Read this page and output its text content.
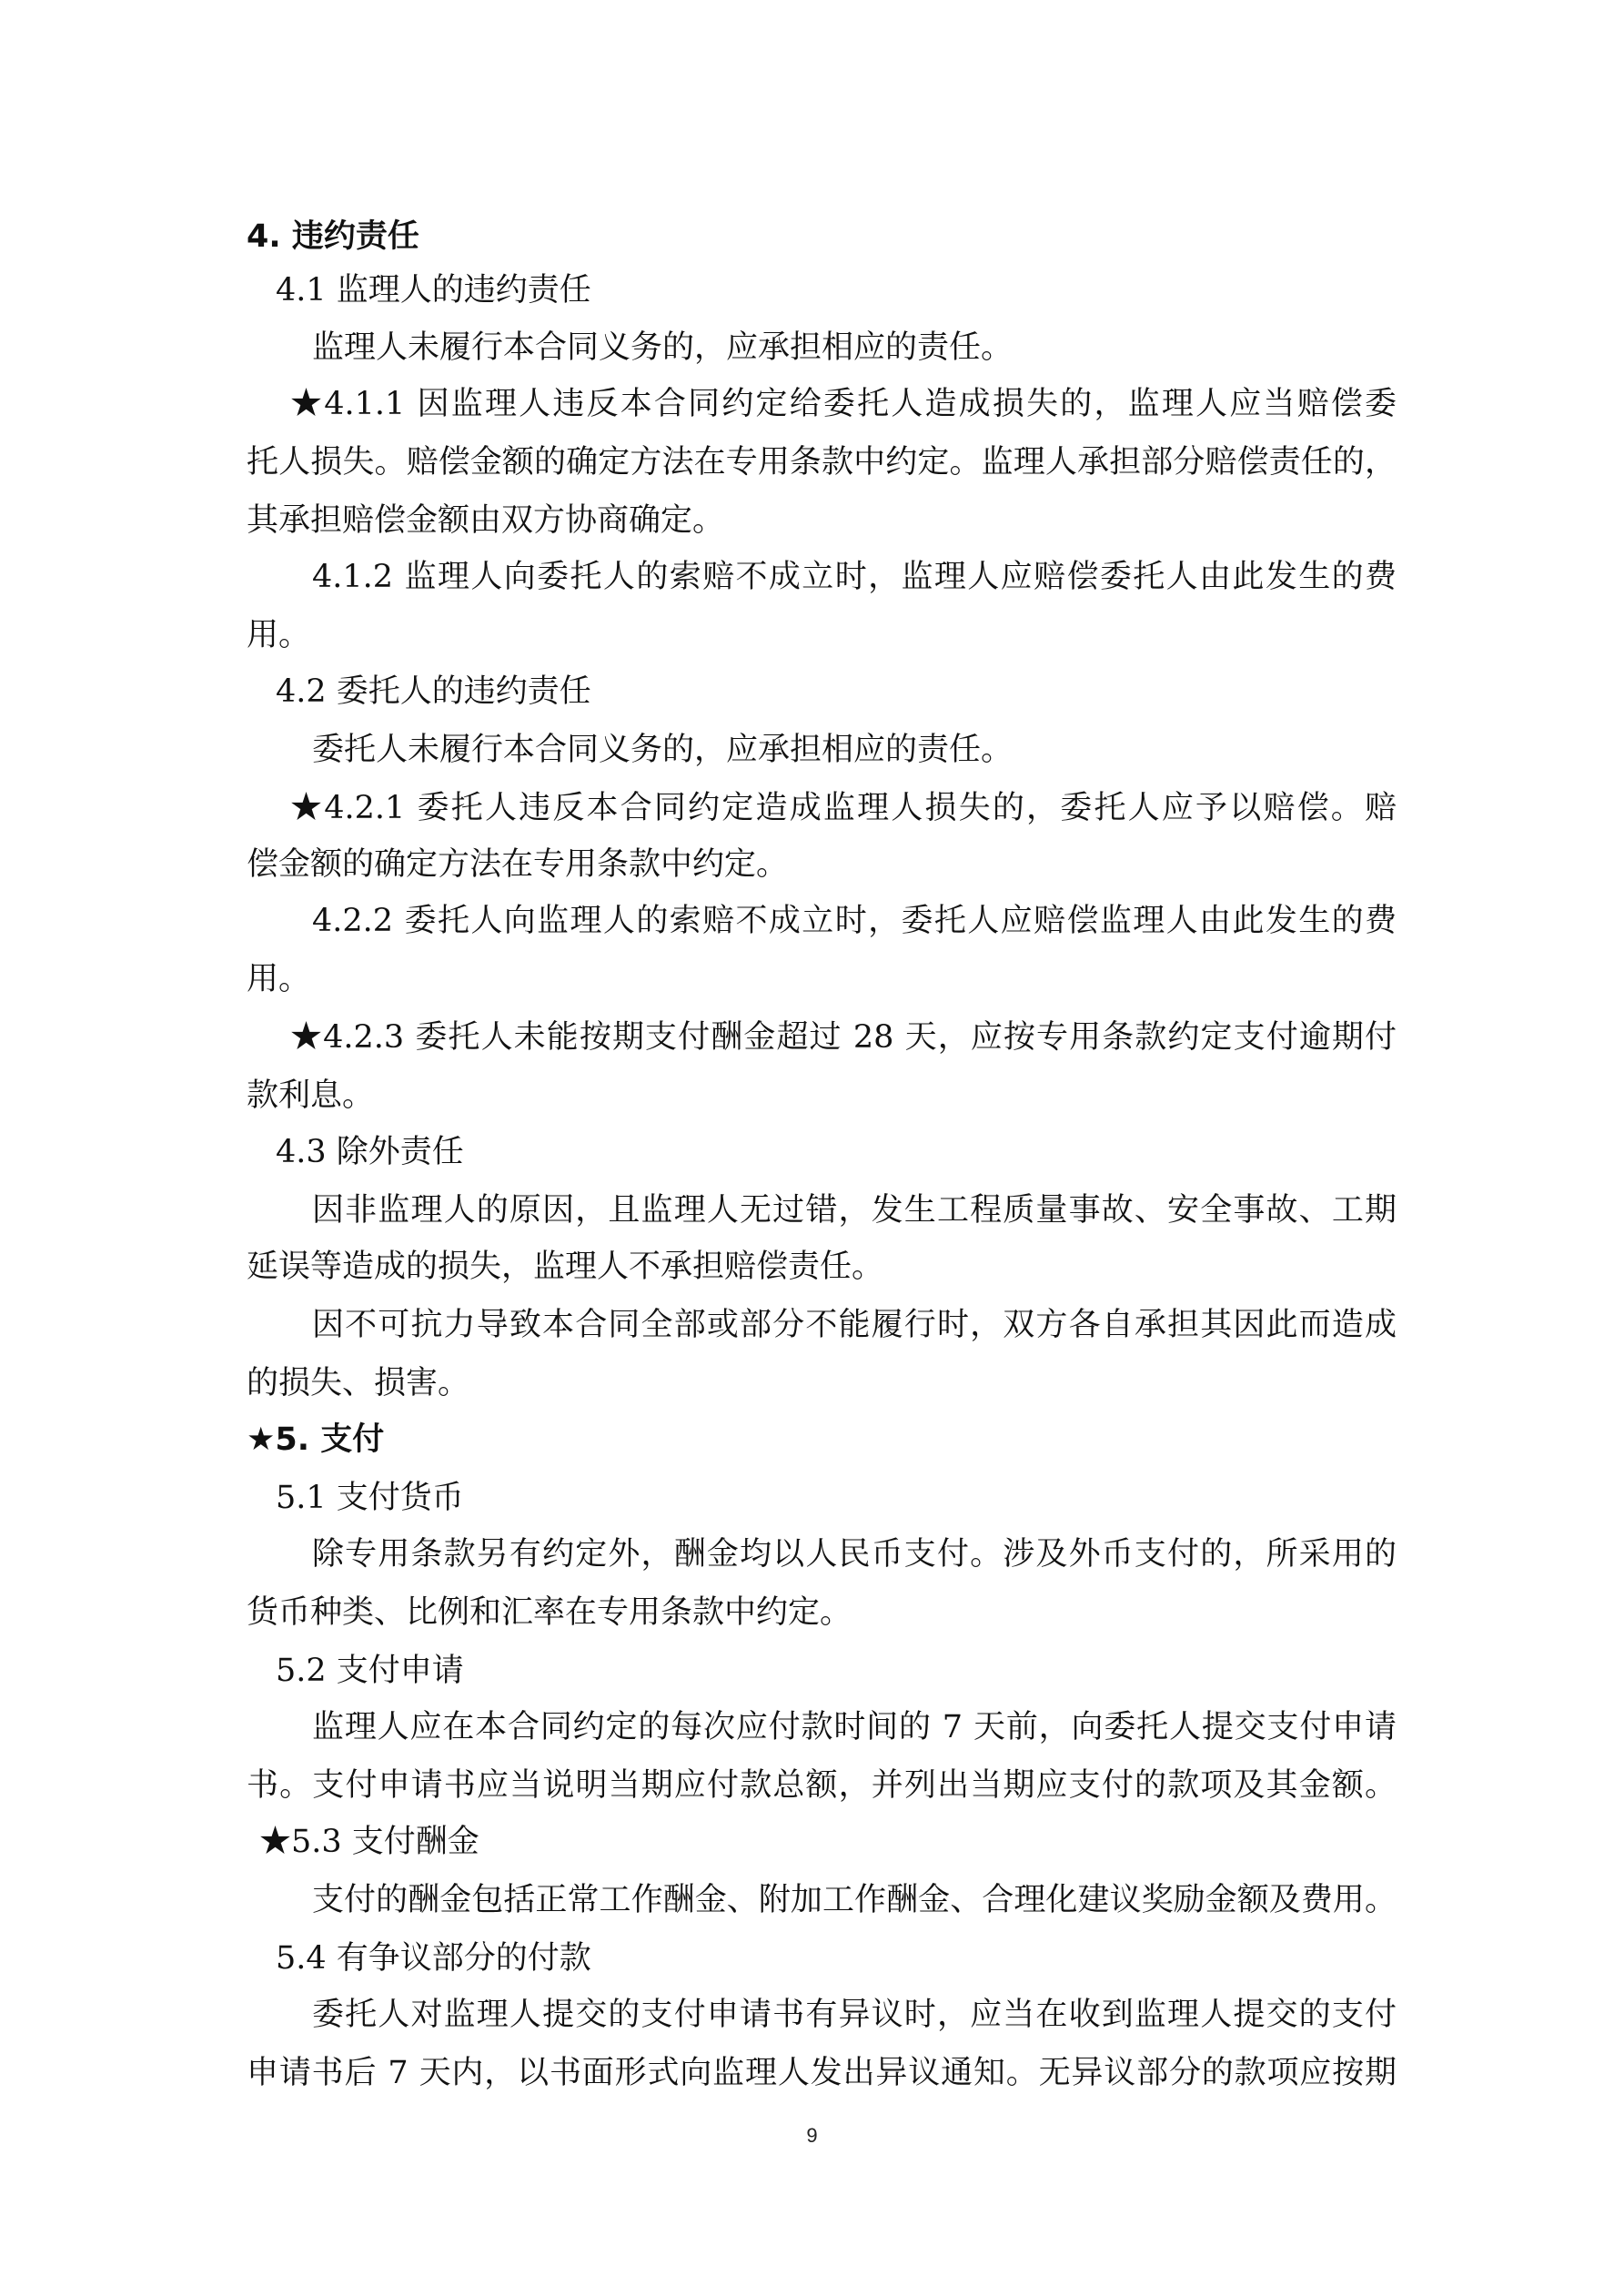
4. 违约责任
4.1 监理人的违约责任
监理人未履行本合同义务的，应承担相应的责任。
★4.1.1 因监理人违反本合同约定给委托人造成损失的，监理人应当赔偿委
托人损失。赔偿金额的确定方法在专用条款中约定。监理人承担部分赔偿责任的，
其承担赔偿金额由双方协商确定。
4.1.2 监理人向委托人的索赔不成立时，监理人应赔偿委托人由此发生的费
用。
4.2 委托人的违约责任
委托人未履行本合同义务的，应承担相应的责任。
★4.2.1 委托人违反本合同约定造成监理人损失的，委托人应予以赔偿。赔
偿金额的确定方法在专用条款中约定。
4.2.2 委托人向监理人的索赔不成立时，委托人应赔偿监理人由此发生的费
用。
★4.2.3 委托人未能按期支付酬金超过 28 天，应按专用条款约定支付逾期付
款利息。
4.3 除外责任
因非监理人的原因，且监理人无过错，发生工程质量事故、安全事故、工期
延误等造成的损失，监理人不承担赔偿责任。
因不可抗力导致本合同全部或部分不能履行时，双方各自承担其因此而造成
的损失、损害。
★5. 支付
5.1 支付货币
除专用条款另有约定外，酬金均以人民币支付。涉及外币支付的，所采用的
货币种类、比例和汇率在专用条款中约定。
5.2 支付申请
监理人应在本合同约定的每次应付款时间的 7 天前，向委托人提交支付申请
书。支付申请书应当说明当期应付款总额，并列出当期应支付的款项及其金额。
★5.3 支付酬金
支付的酬金包括正常工作酬金、附加工作酬金、合理化建议奖励金额及费用。
5.4 有争议部分的付款
委托人对监理人提交的支付申请书有异议时，应当在收到监理人提交的支付
申请书后 7 天内，以书面形式向监理人发出异议通知。无异议部分的款项应按期
9
